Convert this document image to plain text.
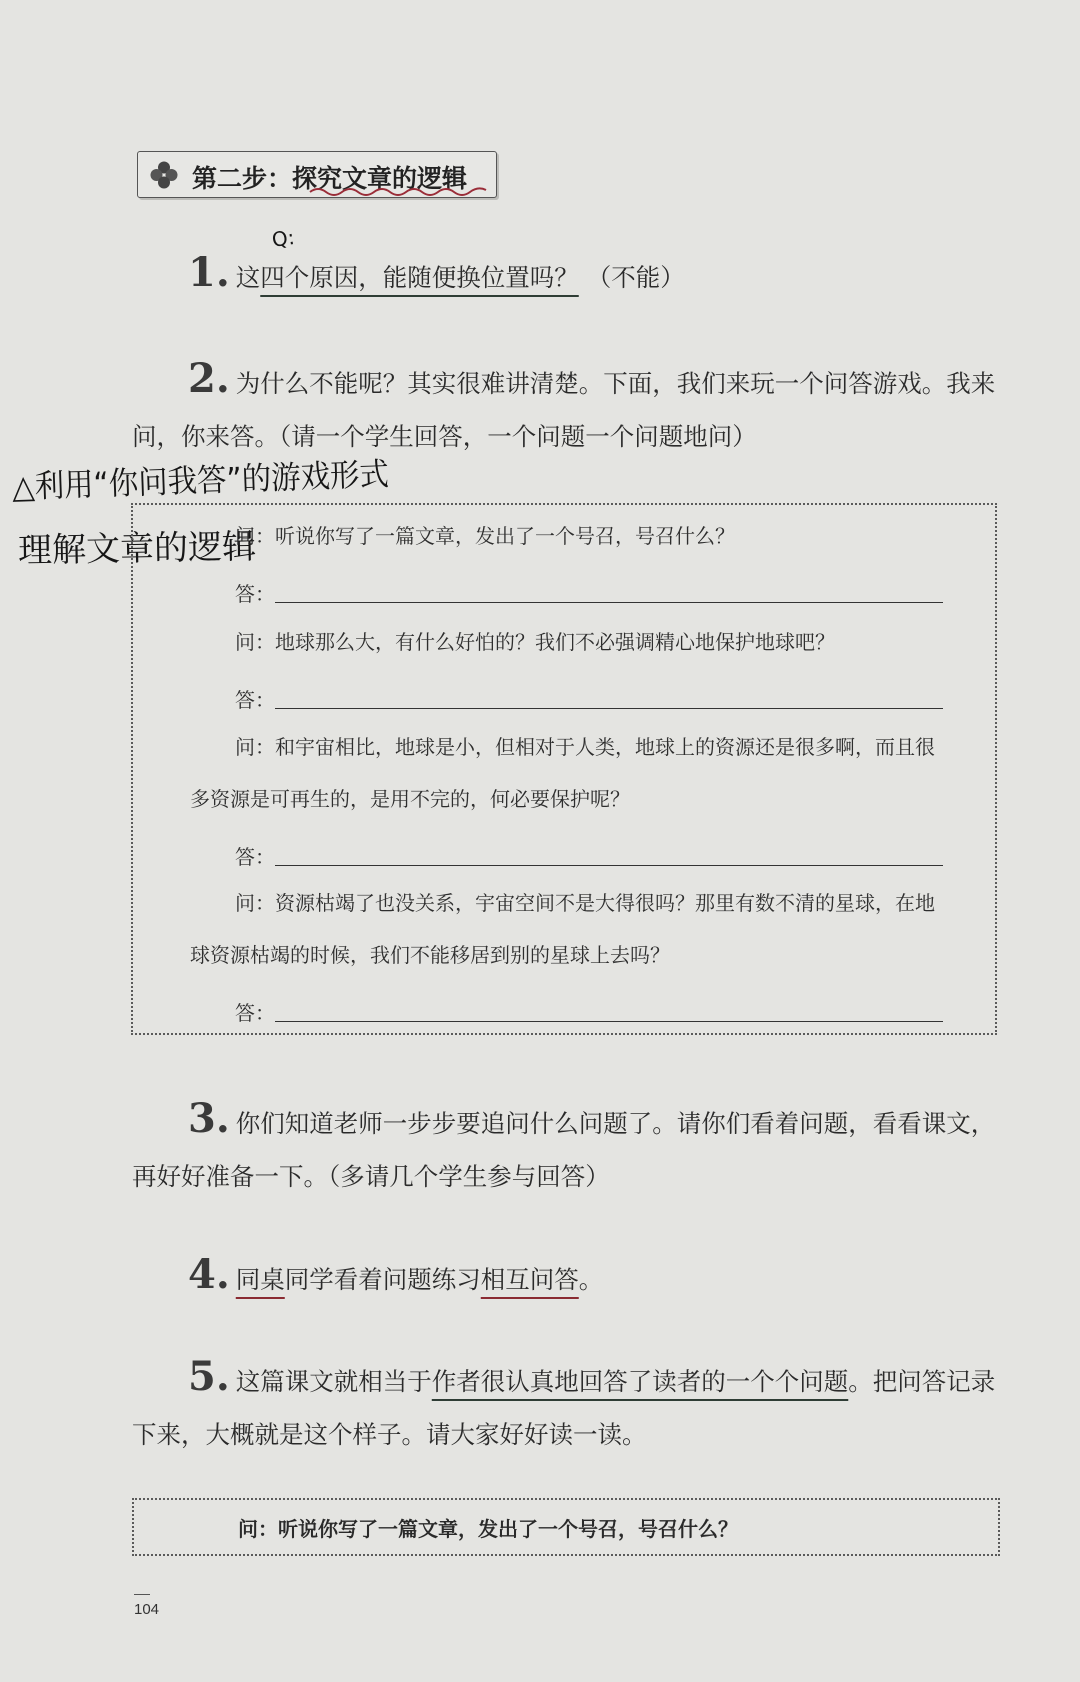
第二步：探究文章的逻辑
1. 这四个原因，能随便换位置吗？ （不能）
2. 为什么不能呢？其实很难讲清楚。下面，我们来玩一个问答游戏。我来问，你来答。（请一个学生回答，一个问题一个问题地问）
Q:
△利用“你问我答”的游戏形式
理解文章的逻辑
问：听说你写了一篇文章，发出了一个号召，号召什么？
答：
问：地球那么大，有什么好怕的？我们不必强调精心地保护地球吧？
答：
问：和宇宙相比，地球是小，但相对于人类，地球上的资源还是很多啊，而且很多资源是可再生的，是用不完的，何必要保护呢？
答：
问：资源枯竭了也没关系，宇宙空间不是大得很吗？那里有数不清的星球，在地球资源枯竭的时候，我们不能移居到别的星球上去吗？
答：
3. 你们知道老师一步步要追问什么问题了。请你们看着问题，看看课文，再好好准备一下。（多请几个学生参与回答）
4. 同桌同学看着问题练习相互问答。
5. 这篇课文就相当于作者很认真地回答了读者的一个个问题。把问答记录下来，大概就是这个样子。请大家好好读一读。
问：听说你写了一篇文章，发出了一个号召，号召什么？
104
